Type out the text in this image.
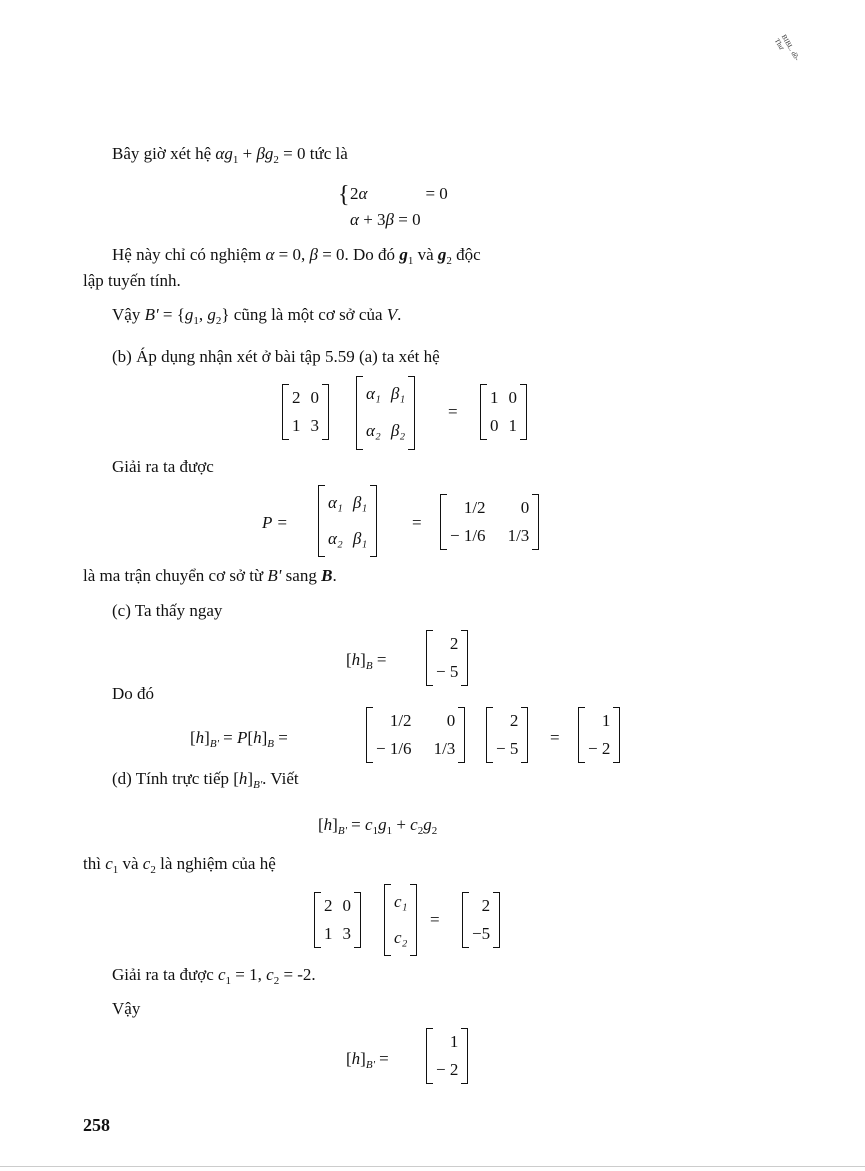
BIBL. dồ-Thư
Bây giờ xét hệ $\alpha g_1 + \beta g_2 = 0$ tức là
{ 2α	= 0
α + 3β = 0
Hệ này chỉ có nghiệm α = 0, β = 0. Do đó $g_1$ và $g_2$ độc
lập tuyến tính.
Vậy $B' = \{g_1$, $g_2$} cũng là một cơ sở của V.
(b) Áp dụng nhận xét ở bài tập 5.59 (a) ta xét hệ
2 0
1 3
α₁ β₁
α₂ β₂
=
1 0
0 1
Giải ra ta được
P =
α₁ β₁
α₂ β₁
=
1/2	0
− 1/6 1/3
là ma trận chuyển cơ sở từ B' sang B.
(c) Ta thấy ngay
$[h]_B$ =
2
− 5
Do đó
$[h]_{B'} = P[h]_B$ =
1/2	0
− 1/6 1/3
2
− 5
=
1
− 2
(d) Tính trực tiếp $[h]_{B'}$. Viết
$[h]_{B'} = c_1g_1 + c_2g_2$
thì $c_1$ và $c_2$ là nghiệm của hệ
2 0
1 3
c₁
c₂
=
2
−5
Giải ra ta được $c_1 = 1$, $c_2 = -2$.
Vậy
$[h]_{B'}$ =
1
− 2
258
